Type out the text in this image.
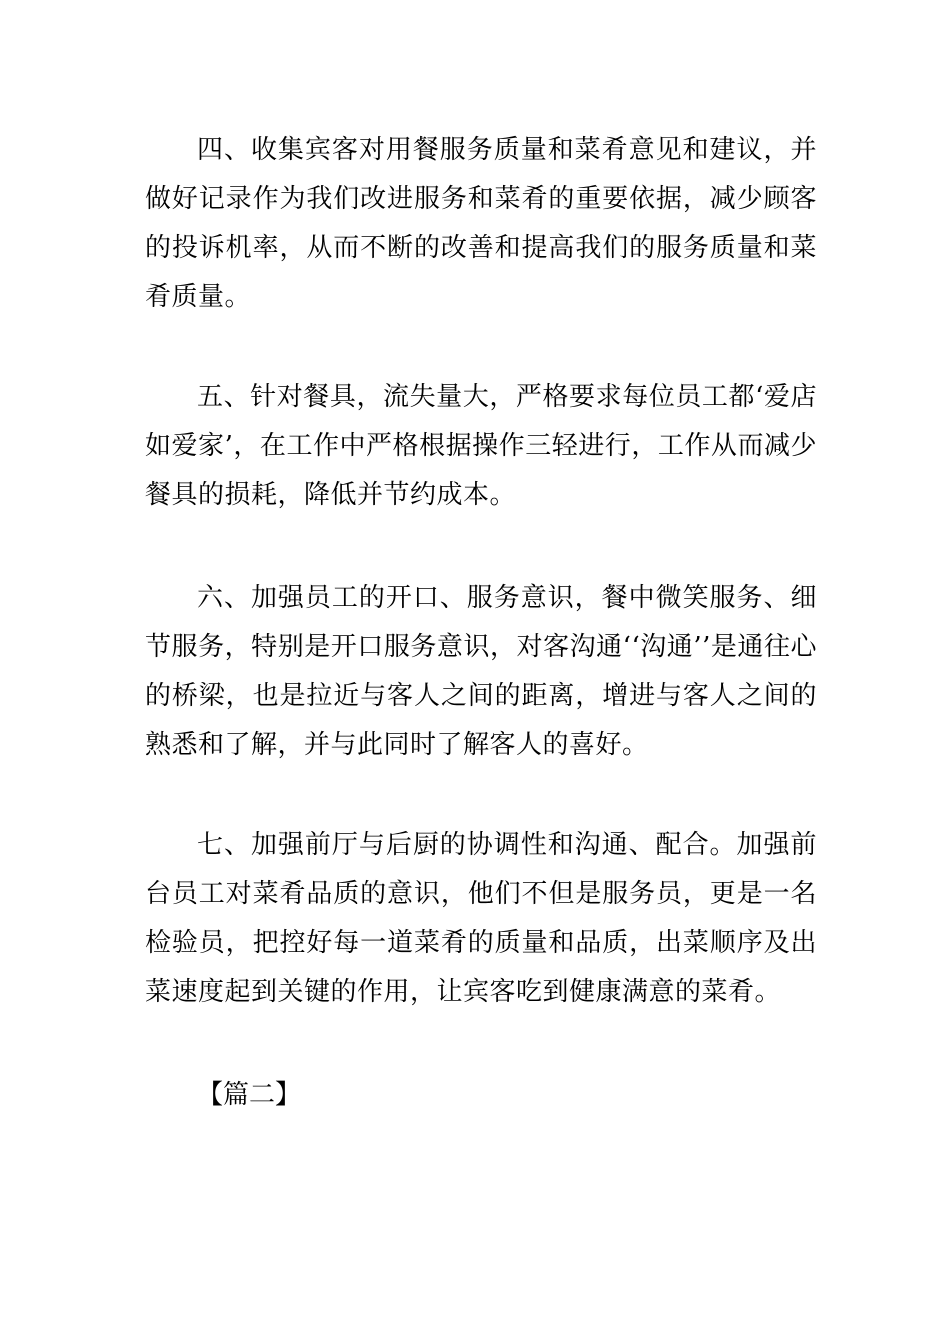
四、收集宾客对用餐服务质量和菜肴意见和建议，并做好记录作为我们改进服务和菜肴的重要依据，减少顾客的投诉机率，从而不断的改善和提高我们的服务质量和菜肴质量。

五、针对餐具，流失量大，严格要求每位员工都‘爱店如爱家’，在工作中严格根据操作三轻进行，工作从而减少餐具的损耗，降低并节约成本。

六、加强员工的开口、服务意识，餐中微笑服务、细节服务，特别是开口服务意识，对客沟通‘‘沟通’’是通往心的桥梁，也是拉近与客人之间的距离，增进与客人之间的熟悉和了解，并与此同时了解客人的喜好。

七、加强前厅与后厨的协调性和沟通、配合。加强前台员工对菜肴品质的意识，他们不但是服务员，更是一名检验员，把控好每一道菜肴的质量和品质，出菜顺序及出菜速度起到关键的作用，让宾客吃到健康满意的菜肴。

【篇二】
